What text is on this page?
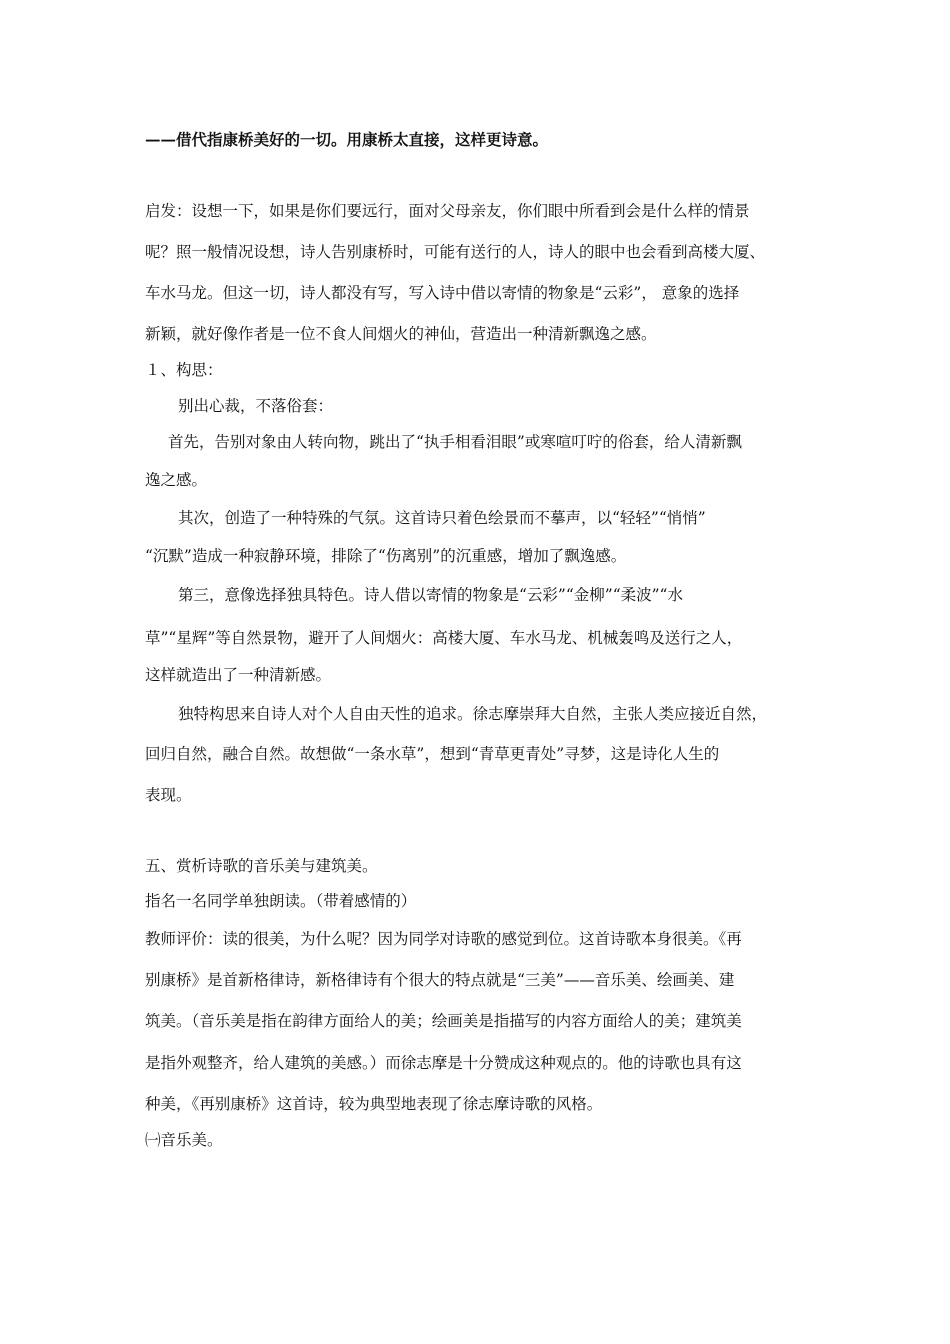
——借代指康桥美好的一切。用康桥太直接，这样更诗意。
启发：设想一下，如果是你们要远行，面对父母亲友，你们眼中所看到会是什么样的情景
呢？照一般情况设想，诗人告别康桥时，可能有送行的人，诗人的眼中也会看到高楼大厦、
车水马龙。但这一切，诗人都没有写，写入诗中借以寄情的物象是“云彩”， 意象的选择
新颖，就好像作者是一位不食人间烟火的神仙，营造出一种清新飘逸之感。
１、构思：
别出心裁，不落俗套：
首先，告别对象由人转向物，跳出了“执手相看泪眼”或寒喧叮咛的俗套，给人清新飘
逸之感。
其次，创造了一种特殊的气氛。这首诗只着色绘景而不摹声，以“轻轻”“悄悄”
“沉默”造成一种寂静环境，排除了“伤离别”的沉重感，增加了飘逸感。
第三，意像选择独具特色。诗人借以寄情的物象是“云彩”“金柳”“柔波”“水
草”“星辉”等自然景物，避开了人间烟火：高楼大厦、车水马龙、机械轰鸣及送行之人，
这样就造出了一种清新感。
独特构思来自诗人对个人自由天性的追求。徐志摩崇拜大自然，主张人类应接近自然，
回归自然，融合自然。故想做“一条水草”，想到“青草更青处”寻梦，这是诗化人生的
表现。
五、赏析诗歌的音乐美与建筑美。
指名一名同学单独朗读。（带着感情的）
教师评价：读的很美，为什么呢？因为同学对诗歌的感觉到位。这首诗歌本身很美。《再
别康桥》是首新格律诗，新格律诗有个很大的特点就是“三美”——音乐美、绘画美、建
筑美。（音乐美是指在韵律方面给人的美；绘画美是指描写的内容方面给人的美；建筑美
是指外观整齐，给人建筑的美感。）而徐志摩是十分赞成这种观点的。他的诗歌也具有这
种美，《再别康桥》这首诗，较为典型地表现了徐志摩诗歌的风格。
㈠音乐美。
